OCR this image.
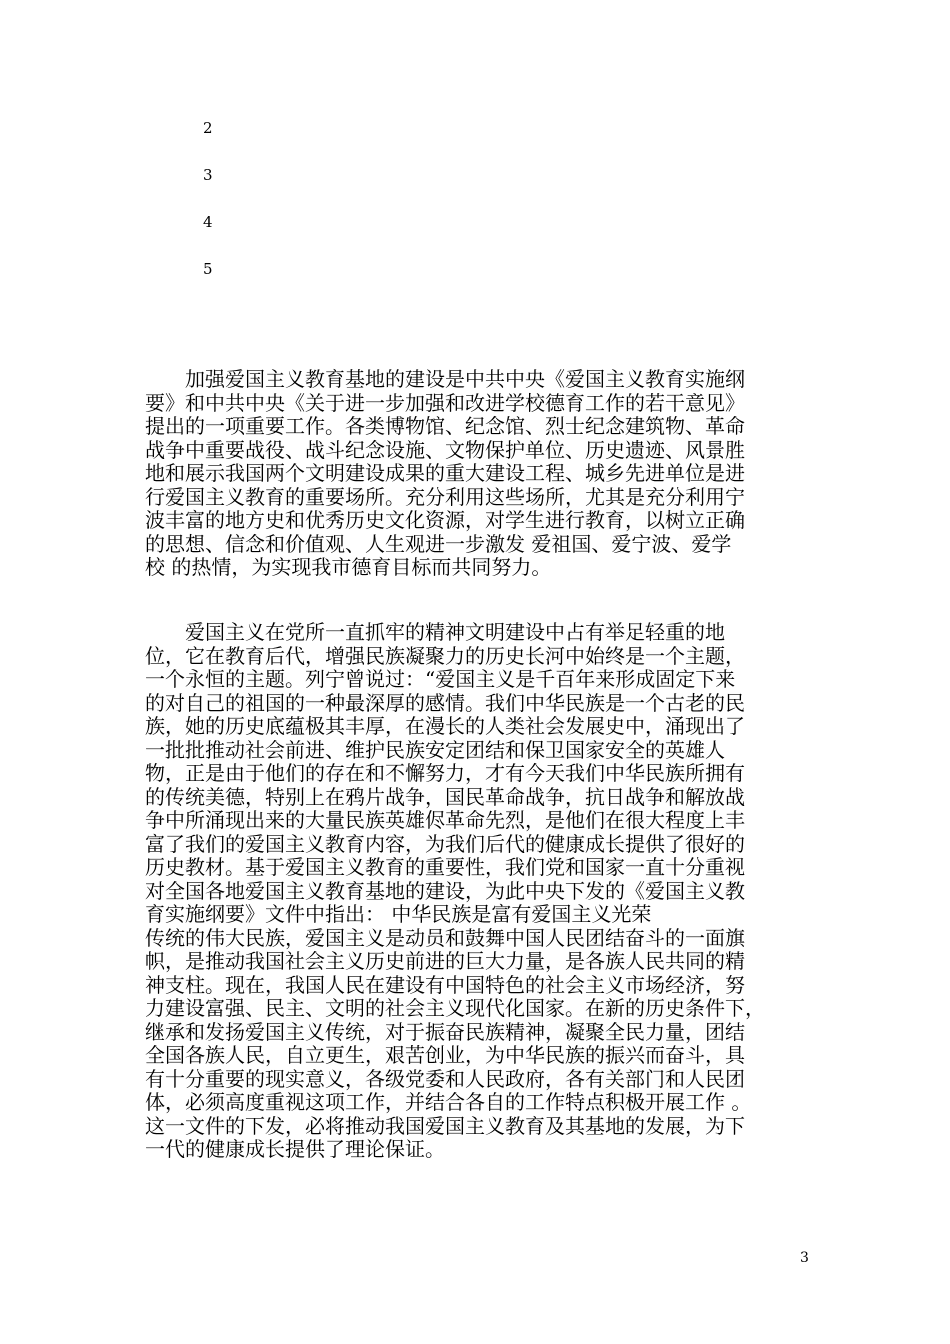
2
3
4
5
　　加强爱国主义教育基地的建设是中共中央《爱国主义教育实施纲
要》和中共中央《关于进一步加强和改进学校德育工作的若干意见》
提出的一项重要工作。各类博物馆、纪念馆、烈士纪念建筑物、革命
战争中重要战役、战斗纪念设施、文物保护单位、历史遗迹、风景胜
地和展示我国两个文明建设成果的重大建设工程、城乡先进单位是进
行爱国主义教育的重要场所。充分利用这些场所，尤其是充分利用宁
波丰富的地方史和优秀历史文化资源，对学生进行教育，以树立正确
的思想、信念和价值观、人生观进一步激发 爱祖国、爱宁波、爱学
校 的热情，为实现我市德育目标而共同努力。
　　爱国主义在党所一直抓牢的精神文明建设中占有举足轻重的地
位，它在教育后代，增强民族凝聚力的历史长河中始终是一个主题，
一个永恒的主题。列宁曾说过：“爱国主义是千百年来形成固定下来
的对自己的祖国的一种最深厚的感情。我们中华民族是一个古老的民
族，她的历史底蕴极其丰厚，在漫长的人类社会发展史中，涌现出了
一批批推动社会前进、维护民族安定团结和保卫国家安全的英雄人
物，正是由于他们的存在和不懈努力，才有今天我们中华民族所拥有
的传统美德，特别上在鸦片战争，国民革命战争，抗日战争和解放战
争中所涌现出来的大量民族英雄侭革命先烈，是他们在很大程度上丰
富了我们的爱国主义教育内容，为我们后代的健康成长提供了很好的
历史教材。基于爱国主义教育的重要性，我们党和国家一直十分重视
对全国各地爱国主义教育基地的建设，为此中央下发的《爱国主义教
育实施纲要》文件中指出： 中华民族是富有爱国主义光荣
传统的伟大民族，爱国主义是动员和鼓舞中国人民团结奋斗的一面旗
帜，是推动我国社会主义历史前进的巨大力量，是各族人民共同的精
神支柱。现在，我国人民在建设有中国特色的社会主义市场经济，努
力建设富强、民主、文明的社会主义现代化国家。在新的历史条件下，
继承和发扬爱国主义传统，对于振奋民族精神，凝聚全民力量，团结
全国各族人民，自立更生，艰苦创业，为中华民族的振兴而奋斗，具
有十分重要的现实意义，各级党委和人民政府，各有关部门和人民团
体，必须高度重视这项工作，并结合各自的工作特点积极开展工作 。
这一文件的下发，必将推动我国爱国主义教育及其基地的发展，为下
一代的健康成长提供了理论保证。
3
